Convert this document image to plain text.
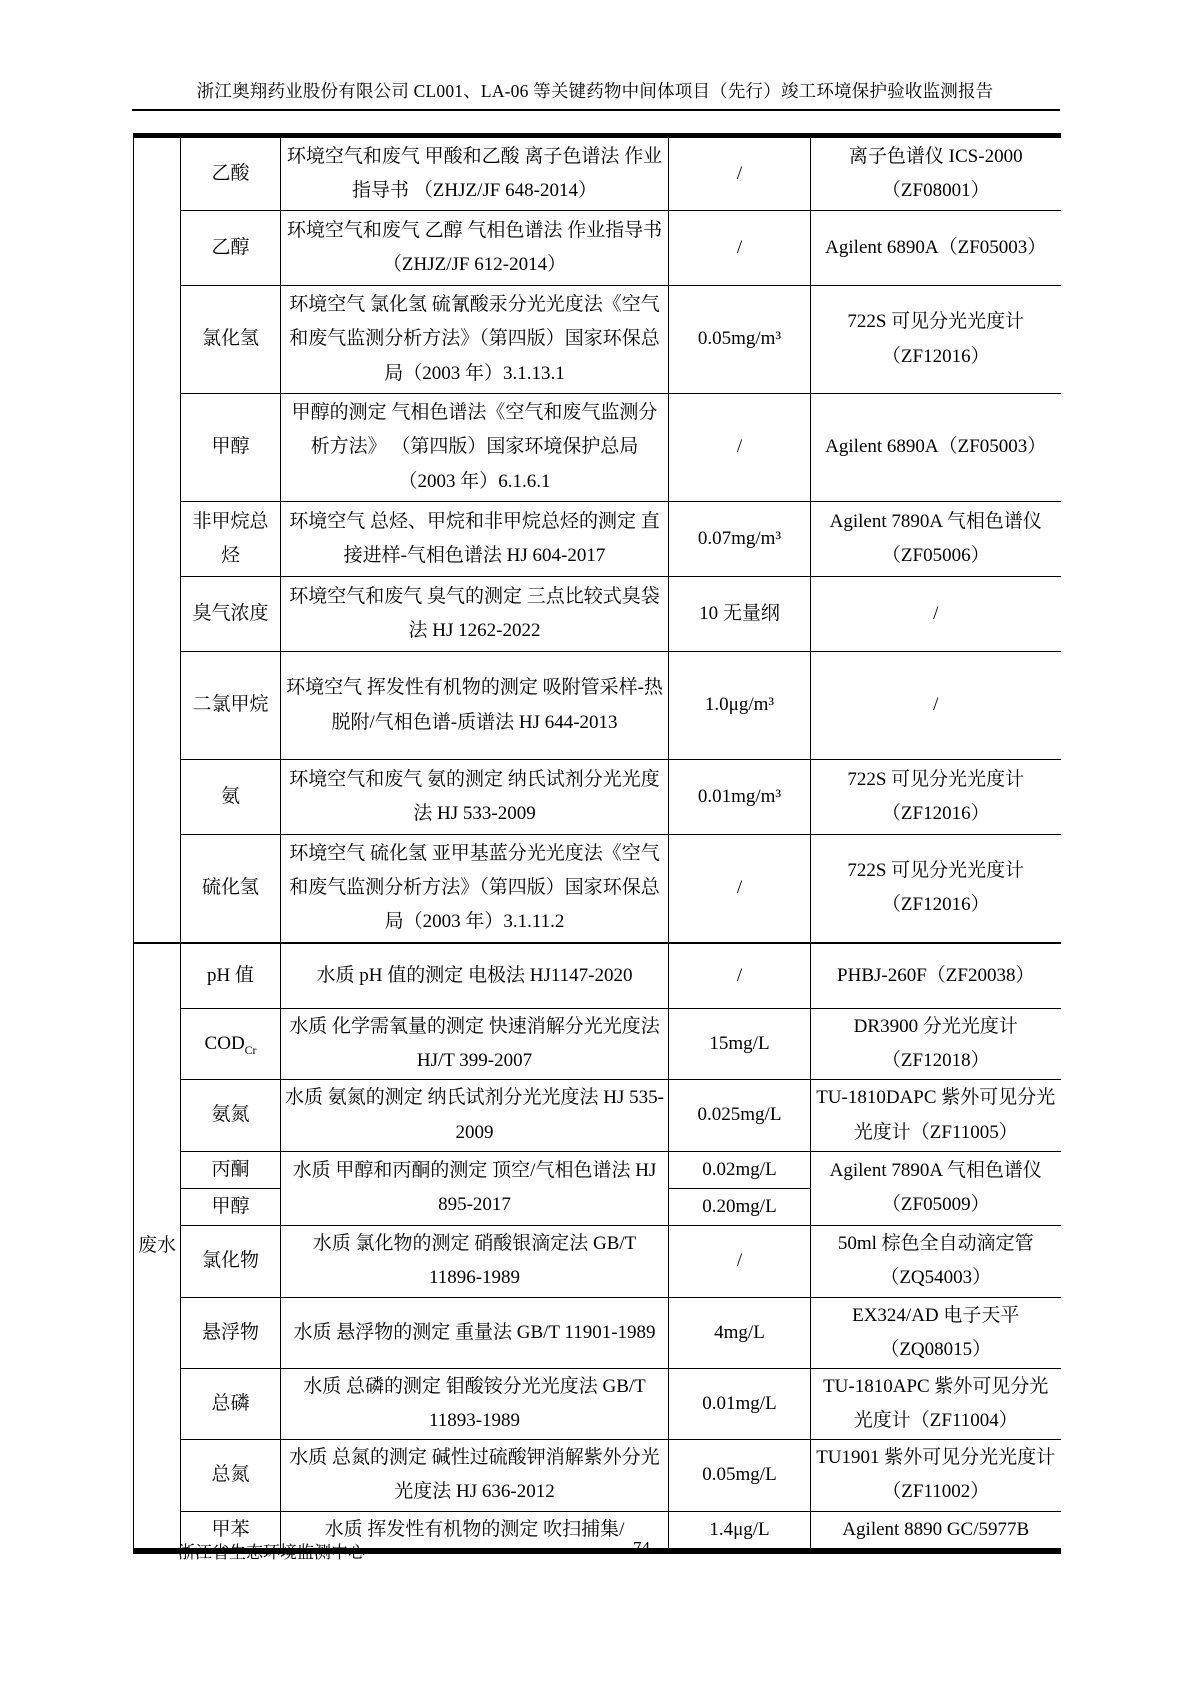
浙江奥翔药业股份有限公司 CL001、LA-06 等关键药物中间体项目（先行）竣工环境保护验收监测报告
	乙酸	环境空气和废气 甲酸和乙酸 离子色谱法 作业指导书 （ZHJZ/JF 648-2014）	/	离子色谱仪 ICS-2000（ZF08001）
	乙醇	环境空气和废气 乙醇 气相色谱法 作业指导书（ZHJZ/JF 612-2014）	/	Agilent 6890A（ZF05003）
	氯化氢	环境空气 氯化氢 硫氰酸汞分光光度法《空气和废气监测分析方法》（第四版）国家环保总局（2003 年）3.1.13.1	0.05mg/m³	722S 可见分光光度计（ZF12016）
	甲醇	甲醇的测定 气相色谱法《空气和废气监测分析方法》 （第四版）国家环境保护总局（2003 年）6.1.6.1	/	Agilent 6890A（ZF05003）
	非甲烷总烃	环境空气 总烃、甲烷和非甲烷总烃的测定 直接进样-气相色谱法 HJ 604-2017	0.07mg/m³	Agilent 7890A 气相色谱仪（ZF05006）
	臭气浓度	环境空气和废气 臭气的测定 三点比较式臭袋法 HJ 1262-2022	10 无量纲	/
	二氯甲烷	环境空气 挥发性有机物的测定 吸附管采样-热脱附/气相色谱-质谱法 HJ 644-2013	1.0μg/m³	/
	氨	环境空气和废气 氨的测定 纳氏试剂分光光度法 HJ 533-2009	0.01mg/m³	722S 可见分光光度计（ZF12016）
	硫化氢	环境空气 硫化氢 亚甲基蓝分光光度法《空气和废气监测分析方法》（第四版）国家环保总局（2003 年）3.1.11.2	/	722S 可见分光光度计（ZF12016）
废水	pH 值	水质 pH 值的测定 电极法 HJ1147-2020	/	PHBJ-260F（ZF20038）
	$COD_{Cr}$	水质 化学需氧量的测定 快速消解分光光度法 HJ/T 399-2007	15mg/L	DR3900 分光光度计（ZF12018）
	氨氮	水质 氨氮的测定 纳氏试剂分光光度法 HJ 535-2009	0.025mg/L	TU-1810DAPC 紫外可见分光光度计（ZF11005）
	丙酮	水质 甲醇和丙酮的测定 顶空/气相色谱法 HJ 895-2017	0.02mg/L	Agilent 7890A 气相色谱仪（ZF05009）
	甲醇		0.20mg/L	
	氯化物	水质 氯化物的测定 硝酸银滴定法 GB/T 11896-1989	/	50ml 棕色全自动滴定管（ZQ54003）
	悬浮物	水质 悬浮物的测定 重量法 GB/T 11901-1989	4mg/L	EX324/AD 电子天平（ZQ08015）
	总磷	水质 总磷的测定 钼酸铵分光光度法 GB/T 11893-1989	0.01mg/L	TU-1810APC 紫外可见分光光度计（ZF11004）
	总氮	水质 总氮的测定 碱性过硫酸钾消解紫外分光光度法 HJ 636-2012	0.05mg/L	TU1901 紫外可见分光光度计（ZF11002）
	甲苯	水质 挥发性有机物的测定 吹扫捕集/	1.4μg/L	Agilent 8890 GC/5977B
浙江省生态环境监测中心	74
